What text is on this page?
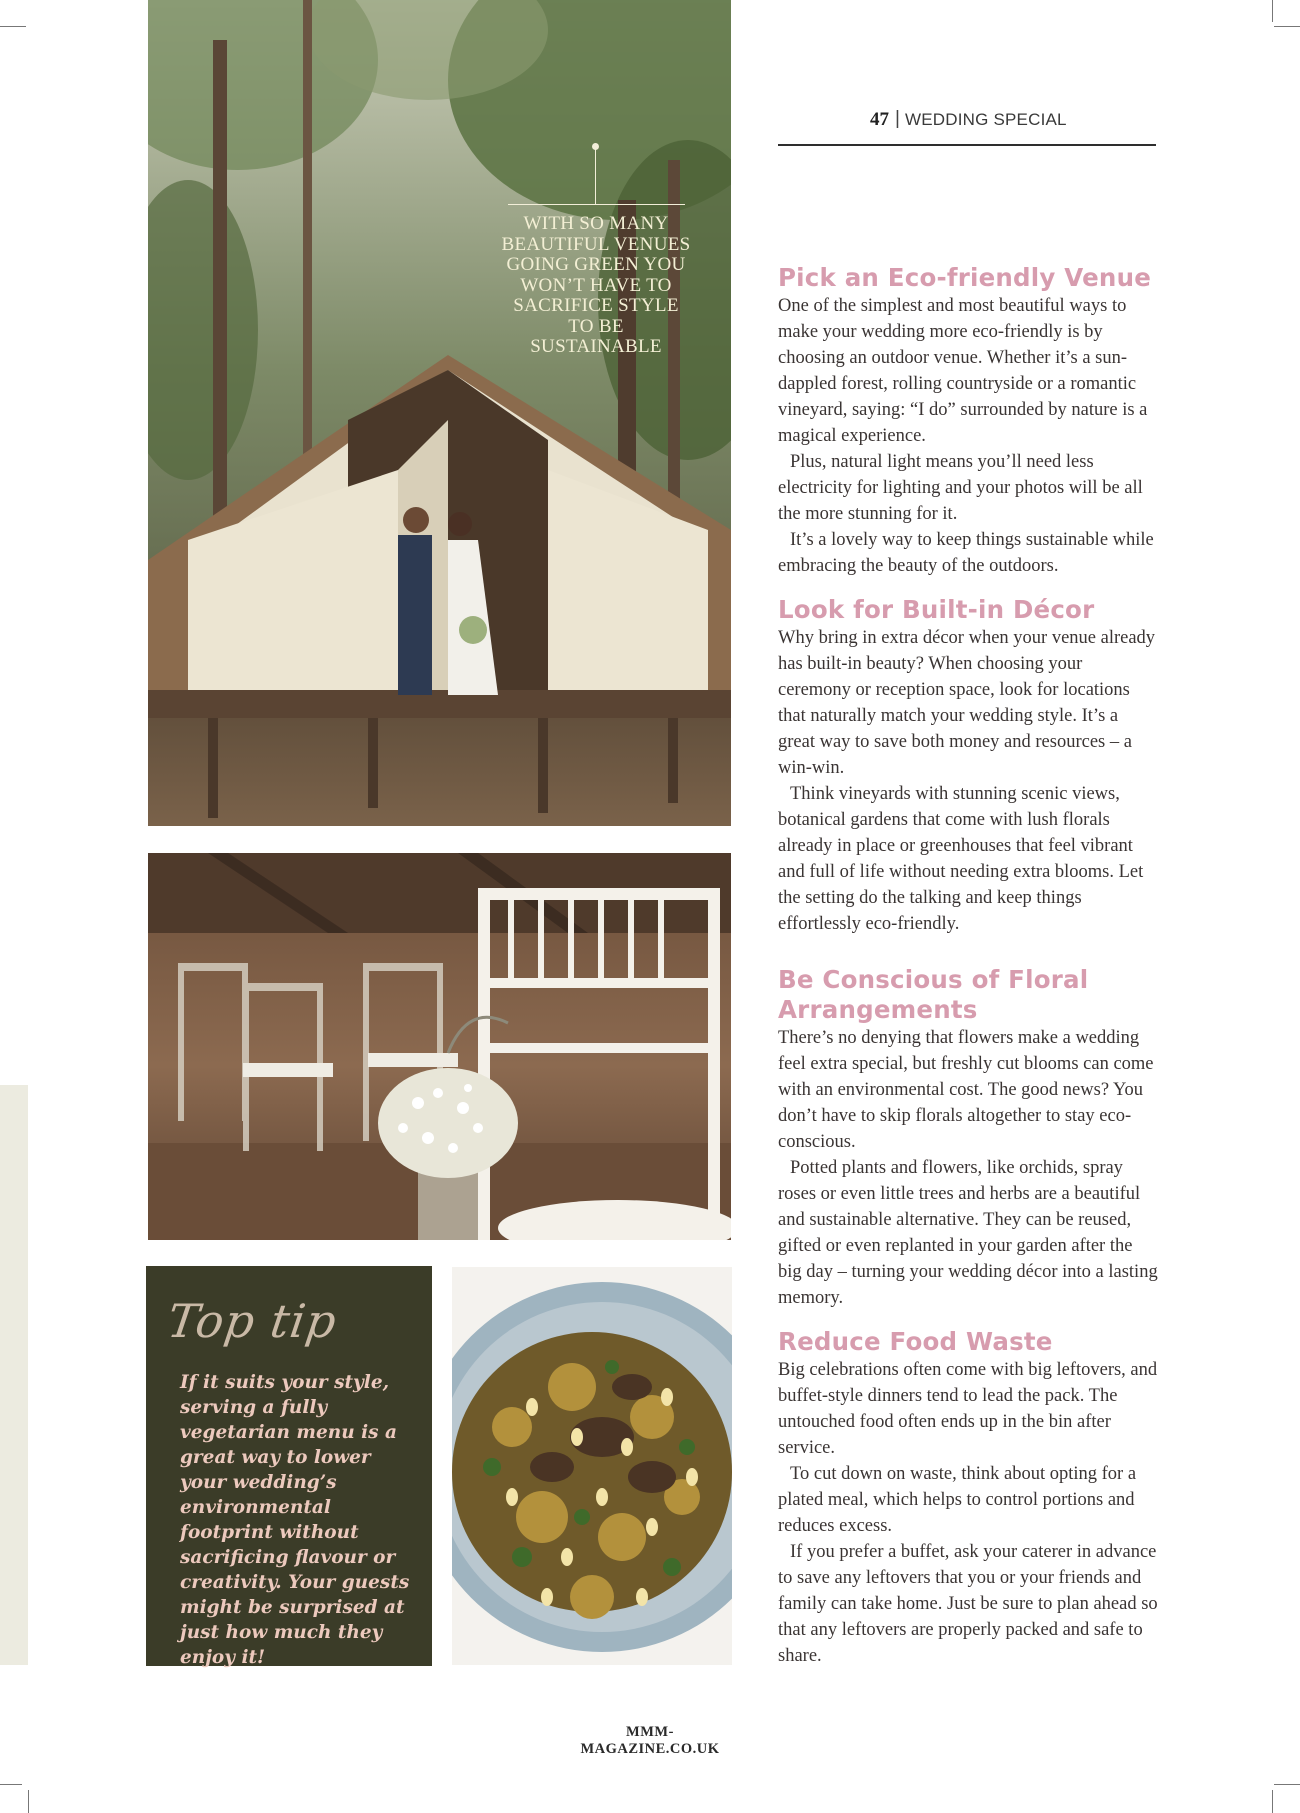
47 | WEDDING SPECIAL
WITH SO MANY BEAUTIFUL VENUES GOING GREEN YOU WON’T HAVE TO SACRIFICE STYLE TO BE SUSTAINABLE
Top tip
If it suits your style, serving a fully vegetarian menu is a great way to lower your wedding’s environmental footprint without sacrificing flavour or creativity. Your guests might be surprised at just how much they enjoy it!
Pick an Eco-friendly Venue

One of the simplest and most beautiful ways to make your wedding more eco-friendly is by choosing an outdoor venue. Whether it’s a sun-dappled forest, rolling countryside or a romantic vineyard, saying: “I do” surrounded by nature is a magical experience.

Plus, natural light means you’ll need less electricity for lighting and your photos will be all the more stunning for it.

It’s a lovely way to keep things sustainable while embracing the beauty of the outdoors.

Look for Built-in Décor

Why bring in extra décor when your venue already has built-in beauty? When choosing your ceremony or reception space, look for locations that naturally match your wedding style. It’s a great way to save both money and resources – a win-win.

Think vineyards with stunning scenic views, botanical gardens that come with lush florals already in place or greenhouses that feel vibrant and full of life without needing extra blooms. Let the setting do the talking and keep things effortlessly eco-friendly.

Be Conscious of Floral Arrangements

There’s no denying that flowers make a wedding feel extra special, but freshly cut blooms can come with an environmental cost. The good news? You don’t have to skip florals altogether to stay eco-conscious.

Potted plants and flowers, like orchids, spray roses or even little trees and herbs are a beautiful and sustainable alternative. They can be reused, gifted or even replanted in your garden after the big day – turning your wedding décor into a lasting memory.

Reduce Food Waste

Big celebrations often come with big leftovers, and buffet-style dinners tend to lead the pack. The untouched food often ends up in the bin after service.

To cut down on waste, think about opting for a plated meal, which helps to control portions and reduces excess.

If you prefer a buffet, ask your caterer in advance to save any leftovers that you or your friends and family can take home. Just be sure to plan ahead so that any leftovers are properly packed and safe to share.

MMM-MAGAZINE.CO.UK
